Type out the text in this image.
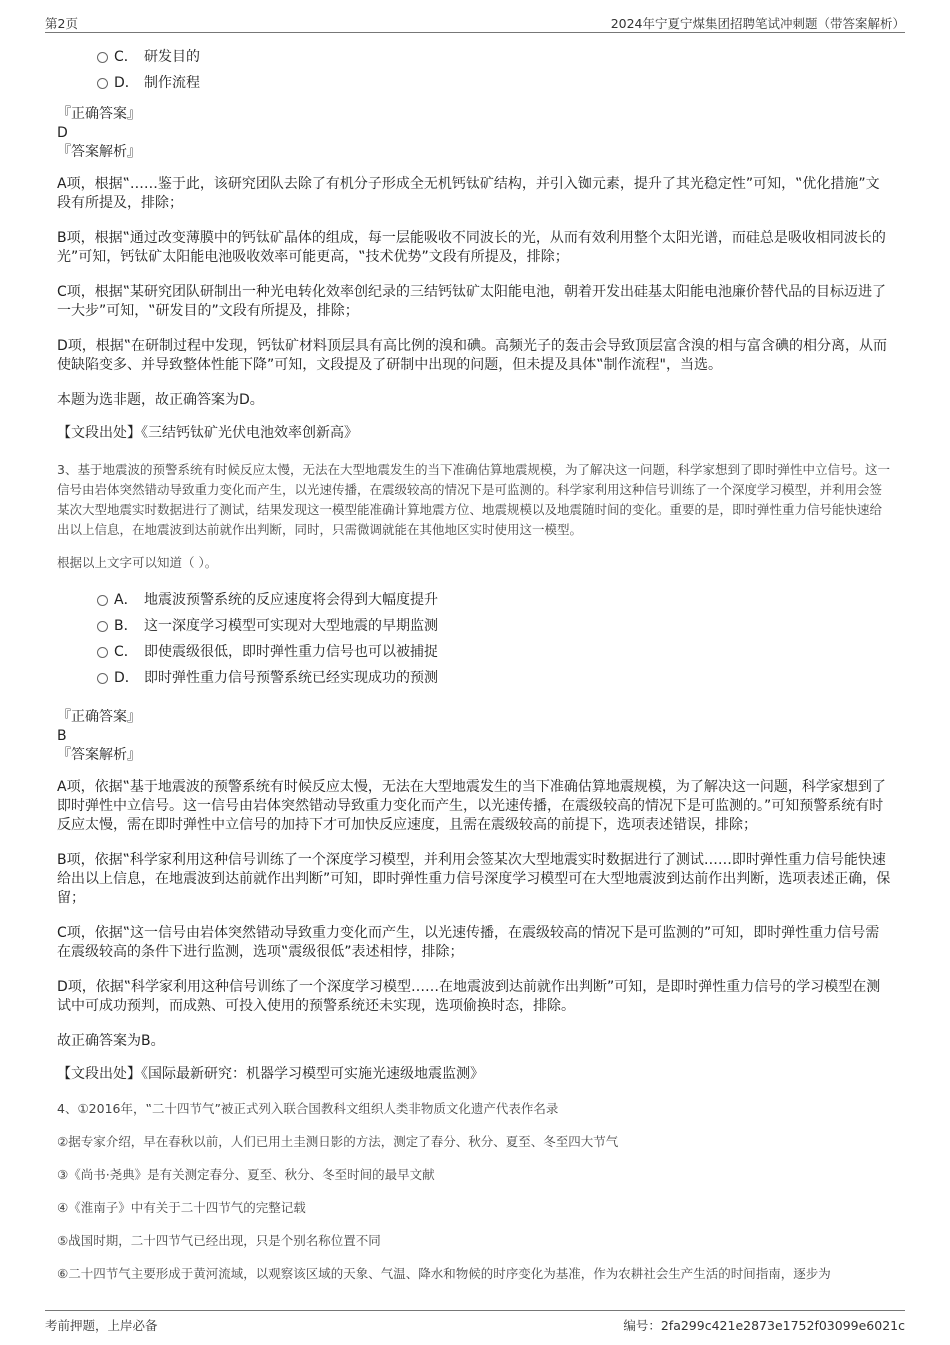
第2页	2024年宁夏宁煤集团招聘笔试冲刺题（带答案解析）
C． 研发目的
D． 制作流程
『正确答案』
D
『答案解析』

A项，根据‟……鉴于此，该研究团队去除了有机分子形成全无机钙钛矿结构，并引入铷元素，提升了其光稳定性”可知，‟优化措施”文段有所提及，排除；

B项，根据‟通过改变薄膜中的钙钛矿晶体的组成，每一层能吸收不同波长的光，从而有效利用整个太阳光谱，而硅总是吸收相同波长的光”可知，钙钛矿太阳能电池吸收效率可能更高，‟技术优势”文段有所提及，排除；

C项，根据‟某研究团队研制出一种光电转化效率创纪录的三结钙钛矿太阳能电池，朝着开发出硅基太阳能电池廉价替代品的目标迈进了一大步”可知，‟研发目的”文段有所提及，排除；

D项，根据‟在研制过程中发现，钙钛矿材料顶层具有高比例的溴和碘。高频光子的轰击会导致顶层富含溴的相与富含碘的相分离，从而使缺陷变多、并导致整体性能下降”可知，文段提及了研制中出现的问题，但未提及具体‟制作流程"，当选。

本题为选非题，故正确答案为D。

【文段出处】《三结钙钛矿光伏电池效率创新高》

3、基于地震波的预警系统有时候反应太慢，无法在大型地震发生的当下准确估算地震规模，为了解决这一问题，科学家想到了即时弹性中立信号。这一信号由岩体突然错动导致重力变化而产生，以光速传播，在震级较高的情况下是可监测的。科学家利用这种信号训练了一个深度学习模型，并利用会签某次大型地震实时数据进行了测试，结果发现这一模型能准确计算地震方位、地震规模以及地震随时间的变化。重要的是，即时弹性重力信号能快速给出以上信息，在地震波到达前就作出判断，同时，只需微调就能在其他地区实时使用这一模型。

根据以上文字可以知道（ ）。

A． 地震波预警系统的反应速度将会得到大幅度提升
B． 这一深度学习模型可实现对大型地震的早期监测
C． 即使震级很低，即时弹性重力信号也可以被捕捉
D． 即时弹性重力信号预警系统已经实现成功的预测
『正确答案』
B
『答案解析』

A项，依据‟基于地震波的预警系统有时候反应太慢，无法在大型地震发生的当下准确估算地震规模，为了解决这一问题，科学家想到了即时弹性中立信号。这一信号由岩体突然错动导致重力变化而产生，以光速传播，在震级较高的情况下是可监测的。”可知预警系统有时反应太慢，需在即时弹性中立信号的加持下才可加快反应速度，且需在震级较高的前提下，选项表述错误，排除；

B项，依据‟科学家利用这种信号训练了一个深度学习模型，并利用会签某次大型地震实时数据进行了测试……即时弹性重力信号能快速给出以上信息，在地震波到达前就作出判断”可知，即时弹性重力信号深度学习模型可在大型地震波到达前作出判断，选项表述正确，保留；

C项，依据‟这一信号由岩体突然错动导致重力变化而产生，以光速传播，在震级较高的情况下是可监测的”可知，即时弹性重力信号需在震级较高的条件下进行监测，选项‟震级很低”表述相悖，排除；

D项，依据‟科学家利用这种信号训练了一个深度学习模型……在地震波到达前就作出判断”可知，是即时弹性重力信号的学习模型在测试中可成功预判，而成熟、可投入使用的预警系统还未实现，选项偷换时态，排除。

故正确答案为B。

【文段出处】《国际最新研究：机器学习模型可实施光速级地震监测》

4、①2016年，‟二十四节气”被正式列入联合国教科文组织人类非物质文化遗产代表作名录

②据专家介绍，早在春秋以前，人们已用土圭测日影的方法，测定了春分、秋分、夏至、冬至四大节气

③《尚书·尧典》是有关测定春分、夏至、秋分、冬至时间的最早文献

④《淮南子》中有关于二十四节气的完整记载

⑤战国时期，二十四节气已经出现，只是个别名称位置不同

⑥二十四节气主要形成于黄河流域，以观察该区域的天象、气温、降水和物候的时序变化为基准，作为农耕社会生产生活的时间指南，逐步为

考前押题，上岸必备	编号：2fa299c421e2873e1752f03099e6021c
